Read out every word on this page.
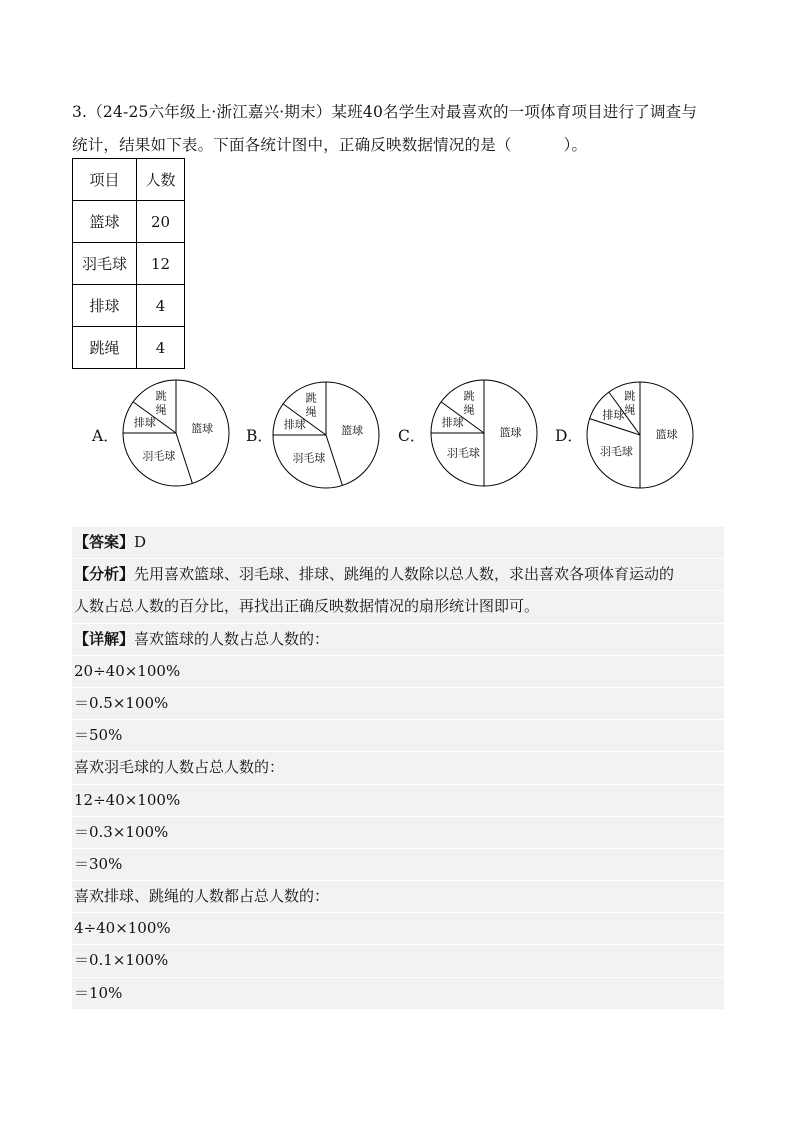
3.（24-25六年级上·浙江嘉兴·期末）某班40名学生对最喜欢的一项体育项目进行了调查与

统计，结果如下表。下面各统计图中，正确反映数据情况的是（	）。

项目	人数
篮球	20
羽毛球	12
排球	4
跳绳	4
A．	B．	C．	D．
篮球
羽毛球
排球
跳
绳
篮球
羽毛球
排球
跳
绳
篮球
羽毛球
排球
跳
绳
篮球
羽毛球
排球
跳
绳
【答案】D
【分析】先用喜欢篮球、羽毛球、排球、跳绳的人数除以总人数，求出喜欢各项体育运动的
人数占总人数的百分比，再找出正确反映数据情况的扇形统计图即可。
【详解】喜欢篮球的人数占总人数的：
20÷40×100%
＝0.5×100%
＝50%
喜欢羽毛球的人数占总人数的：
12÷40×100%
＝0.3×100%
＝30%
喜欢排球、跳绳的人数都占总人数的：
4÷40×100%
＝0.1×100%
＝10%
